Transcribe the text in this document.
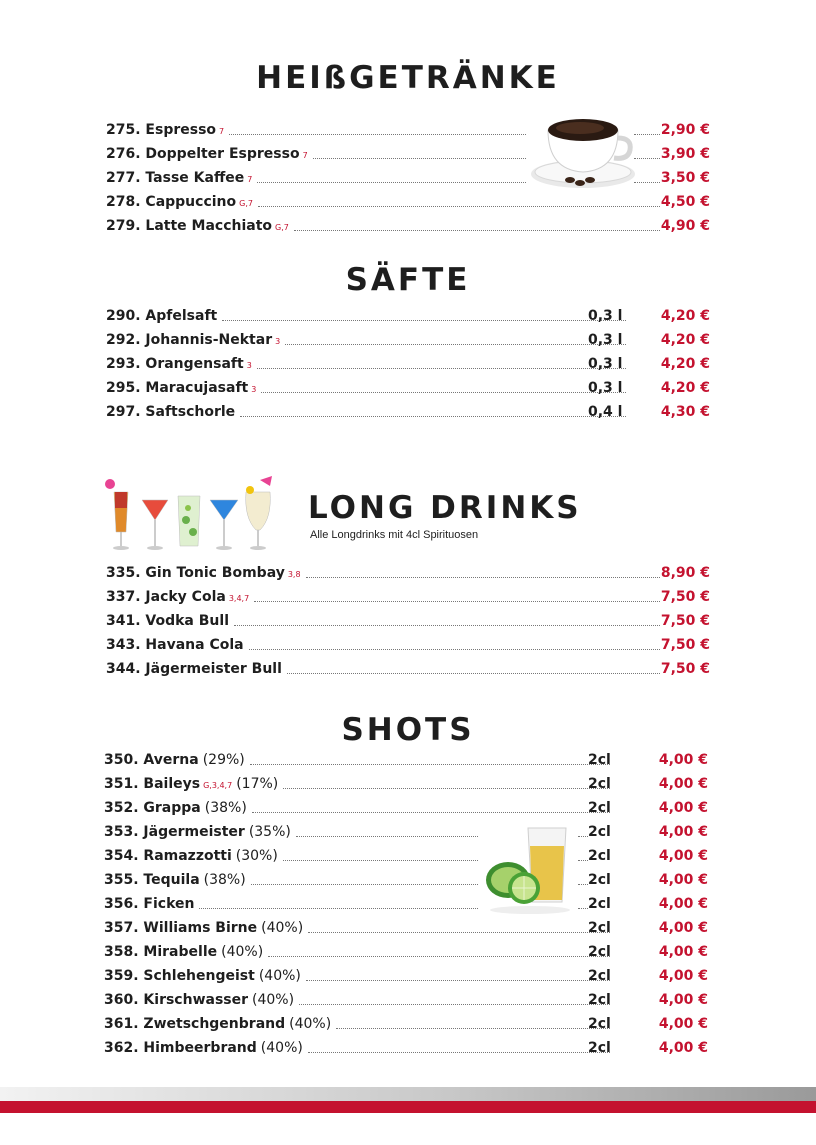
HEIßGETRÄNKE
275. Espresso 7	2,90 €
276. Doppelter Espresso 7	3,90 €
277. Tasse Kaffee 7	3,50 €
278. Cappuccino G,7	4,50 €
279. Latte Macchiato G,7	4,90 €
SÄFTE
290. Apfelsaft	0,3 l	4,20 €
292. Johannis-Nektar 3	0,3 l	4,20 €
293. Orangensaft 3	0,3 l	4,20 €
295. Maracujasaft 3	0,3 l	4,20 €
297. Saftschorle	0,4 l	4,30 €
LONG DRINKS
Alle Longdrinks mit 4cl Spirituosen
335. Gin Tonic Bombay 3,8	8,90 €
337. Jacky Cola 3,4,7	7,50 €
341. Vodka Bull	7,50 €
343. Havana Cola	7,50 €
344. Jägermeister Bull	7,50 €
SHOTS
350. Averna (29%)	2cl	4,00 €
351. Baileys G,3,4,7 (17%)	2cl	4,00 €
352. Grappa (38%)	2cl	4,00 €
353. Jägermeister (35%)	2cl	4,00 €
354. Ramazzotti (30%)	2cl	4,00 €
355. Tequila (38%)	2cl	4,00 €
356. Ficken	2cl	4,00 €
357. Williams Birne (40%)	2cl	4,00 €
358. Mirabelle (40%)	2cl	4,00 €
359. Schlehengeist (40%)	2cl	4,00 €
360. Kirschwasser (40%)	2cl	4,00 €
361. Zwetschgenbrand (40%)	2cl	4,00 €
362. Himbeerbrand (40%)	2cl	4,00 €
